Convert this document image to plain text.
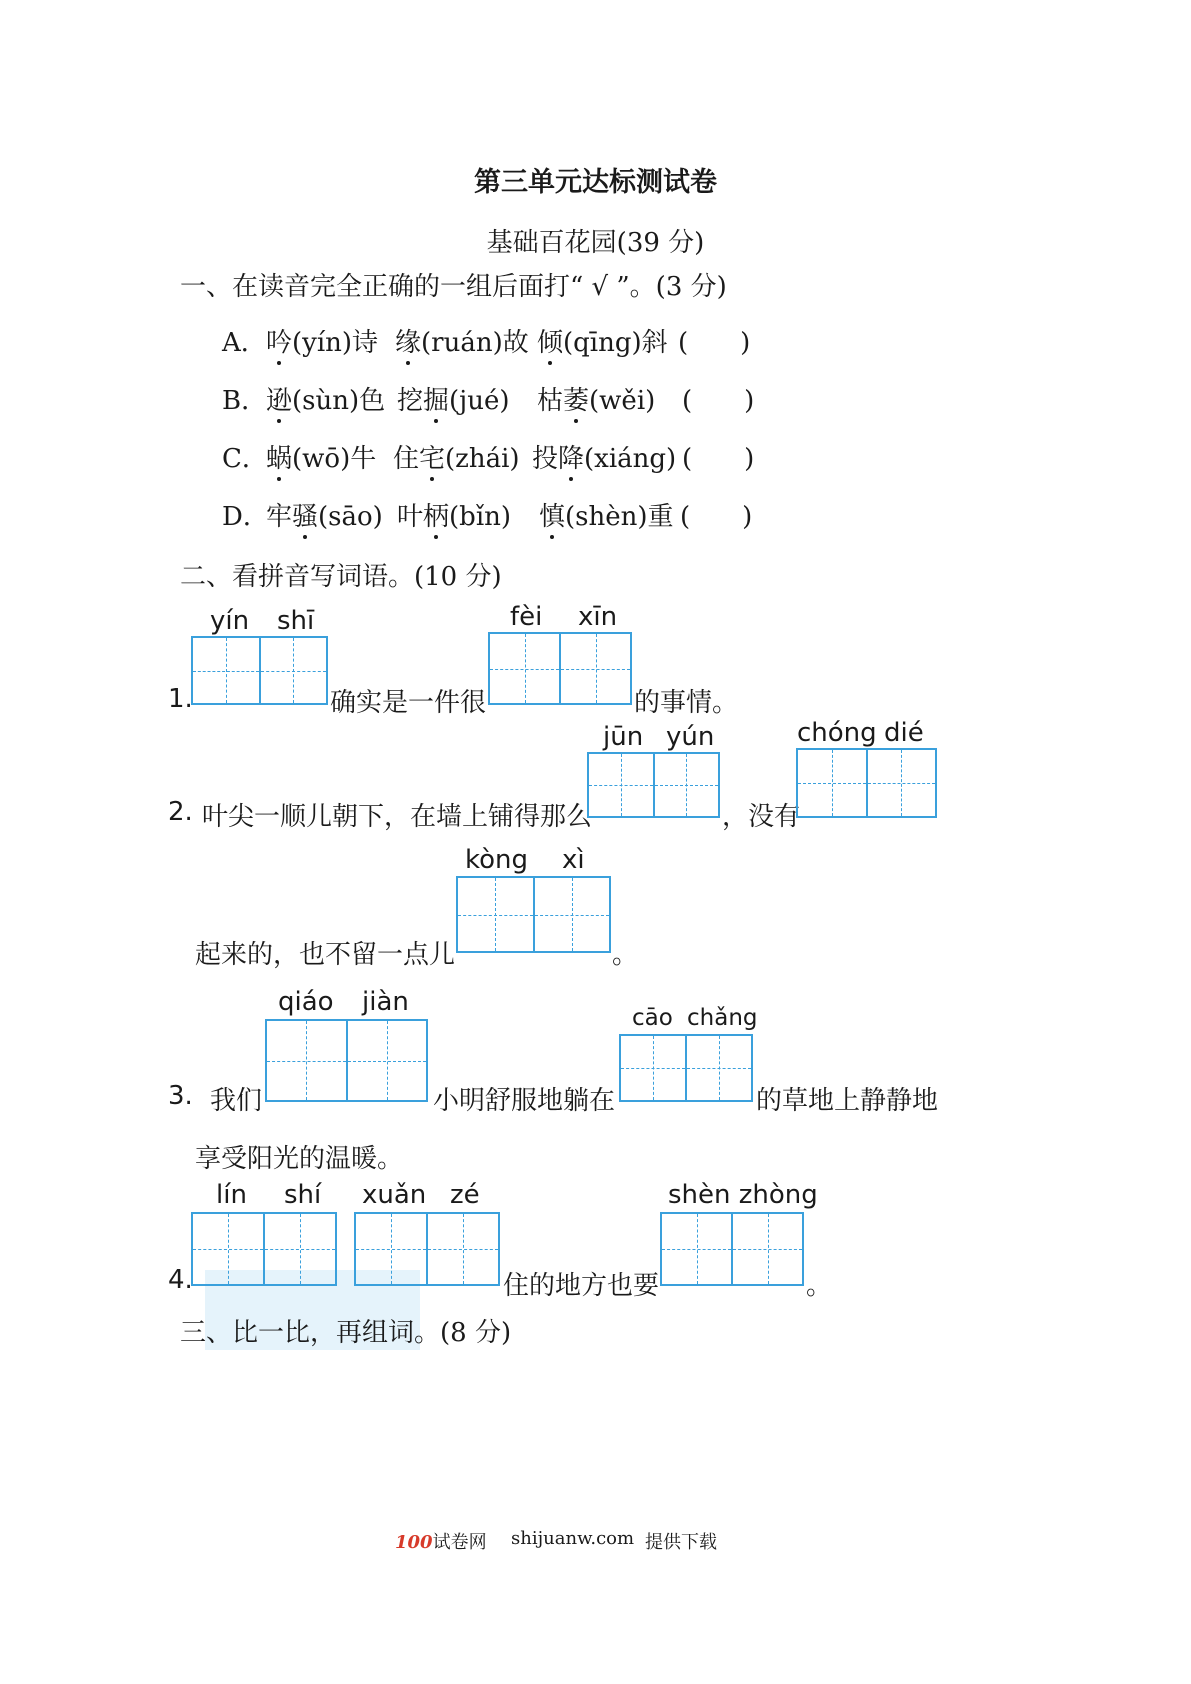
第三单元达标测试卷
基础百花园(39 分)
一、在读音完全正确的一组后面打“ √ ”。(3 分)
A． 吟(yín)诗 缘(ruán)故 倾(qīng)斜 (　　)
B．
逊(sùn)色 挖掘(jué) 枯萎(wěi) (　　)
C．
蜗(wō)牛 住宅(zhái) 投降(xiáng) (　　)
D．
牢骚(sāo) 叶柄(bǐn) 慎(shèn)重 (　　)
二、看拼音写词语。(10 分)
1.
yín shī
确实是一件很
fèi xīn
的事情。
2. 叶尖一顺儿朝下，在墙上铺得那么
jūn yún
，没有
chóng dié
kòng xì
起来的，也不留一点儿	。
3. 我们
qiáo jiàn
小明舒服地躺在
cāo chǎng
的草地上静静地
享受阳光的温暖。
4.
lín shí xuǎn zé
住的地方也要
shèn zhòng
。
三、比一比，再组词。(8 分)
100试卷网 shijuanw.com 提供下载
